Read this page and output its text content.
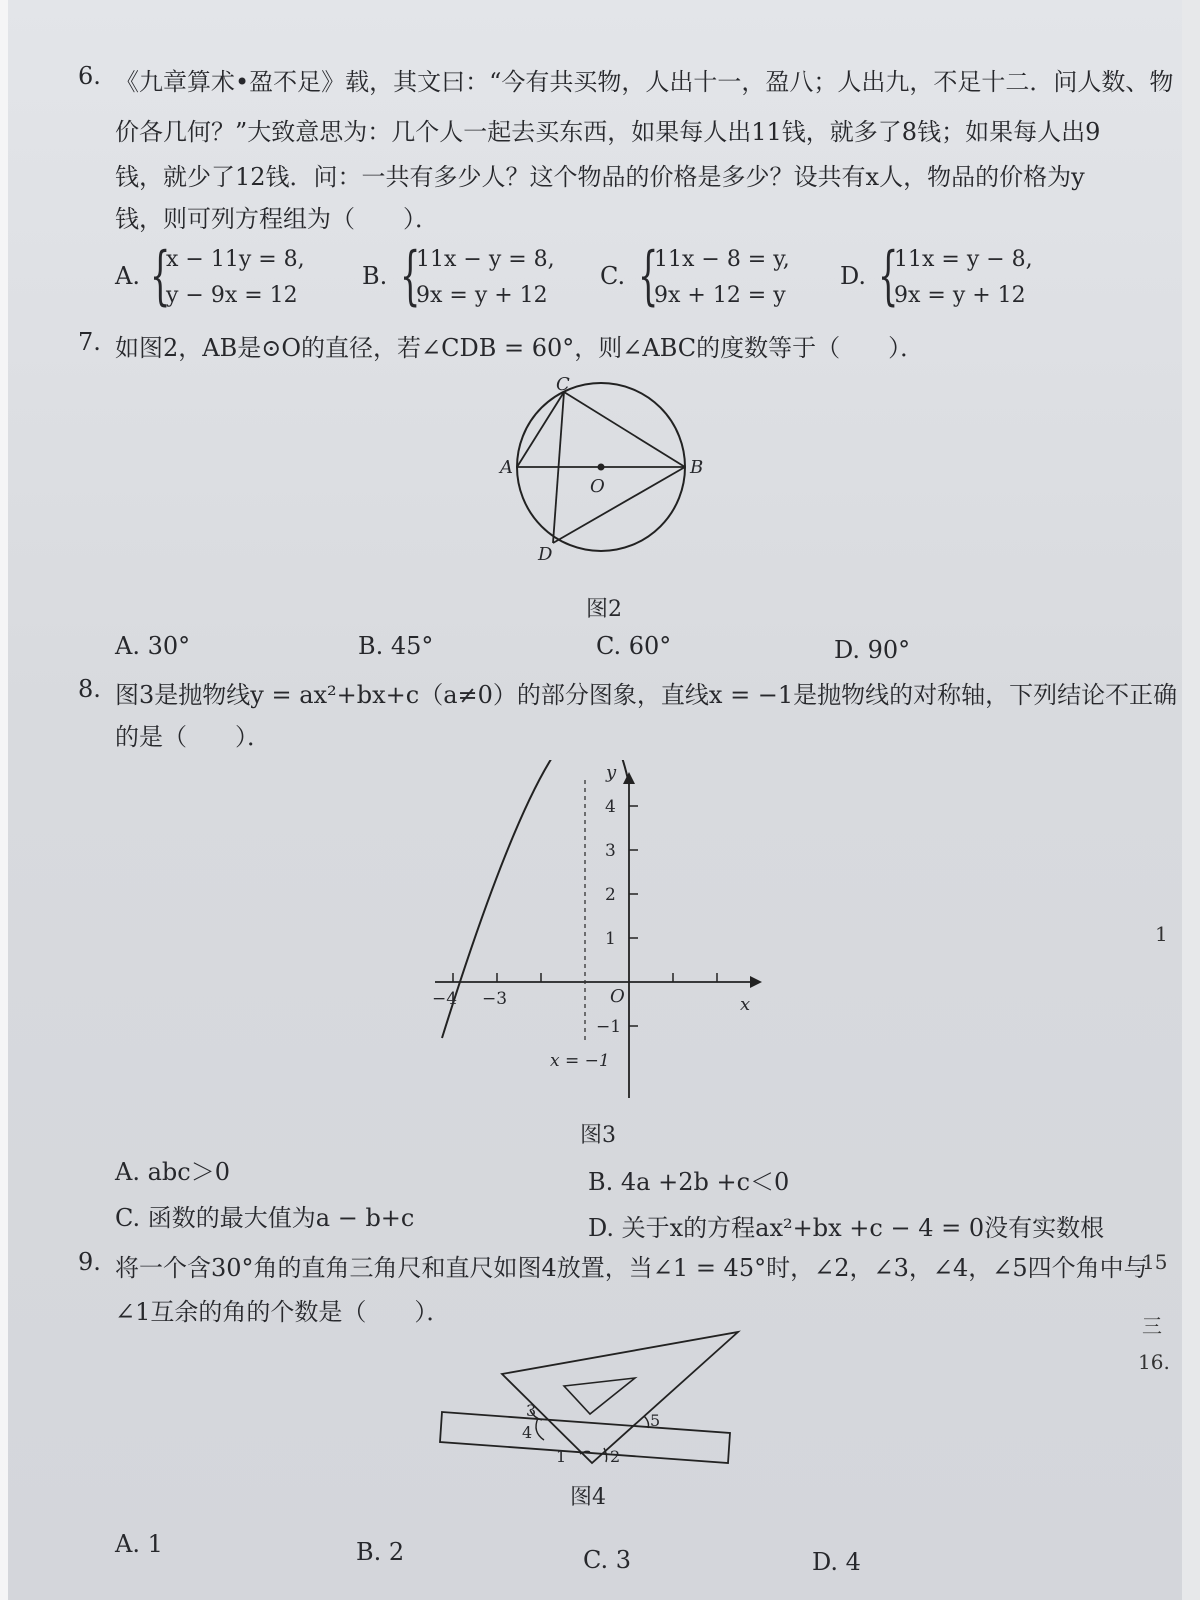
6. 《九章算术•盈不足》载，其文曰：“今有共买物，人出十一，盈八；人出九，不足十二．问人数、物
价各几何？”大致意思为：几个人一起去买东西，如果每人出11钱，就多了8钱；如果每人出9
钱，就少了12钱．问：一共有多少人？这个物品的价格是多少？设共有x人，物品的价格为y
钱，则可列方程组为（　　）．
A. {
x − 11y = 8,
y − 9x = 12
B. {
11x − y = 8,
9x = y + 12
C. {
11x − 8 = y,
9x + 12 = y
D. {
11x = y − 8,
9x = y + 12
7. 如图2，AB是⊙O的直径，若∠CDB = 60°，则∠ABC的度数等于（　　）．
C
A	B
O
D
图2
A. 30°	B. 45°	C. 60°	D. 90°
8. 图3是抛物线y = ax²+bx+c（a≠0）的部分图象，直线x = −1是抛物线的对称轴，下列结论不正确
的是（　　）．
y
x
O
−4 −3
4
3
2
1
−1
x = −1
图3
A. abc＞0	B. 4a +2b +c＜0
C. 函数的最大值为a − b+c	D. 关于x的方程ax²+bx +c − 4 = 0没有实数根
9. 将一个含30°角的直角三角尺和直尺如图4放置，当∠1 = 45°时，∠2，∠3，∠4，∠5四个角中与
∠1互余的角的个数是（　　）．
1	2
3
4
5
图4
A. 1	B. 2	C. 3	D. 4
1
15
三
16.
